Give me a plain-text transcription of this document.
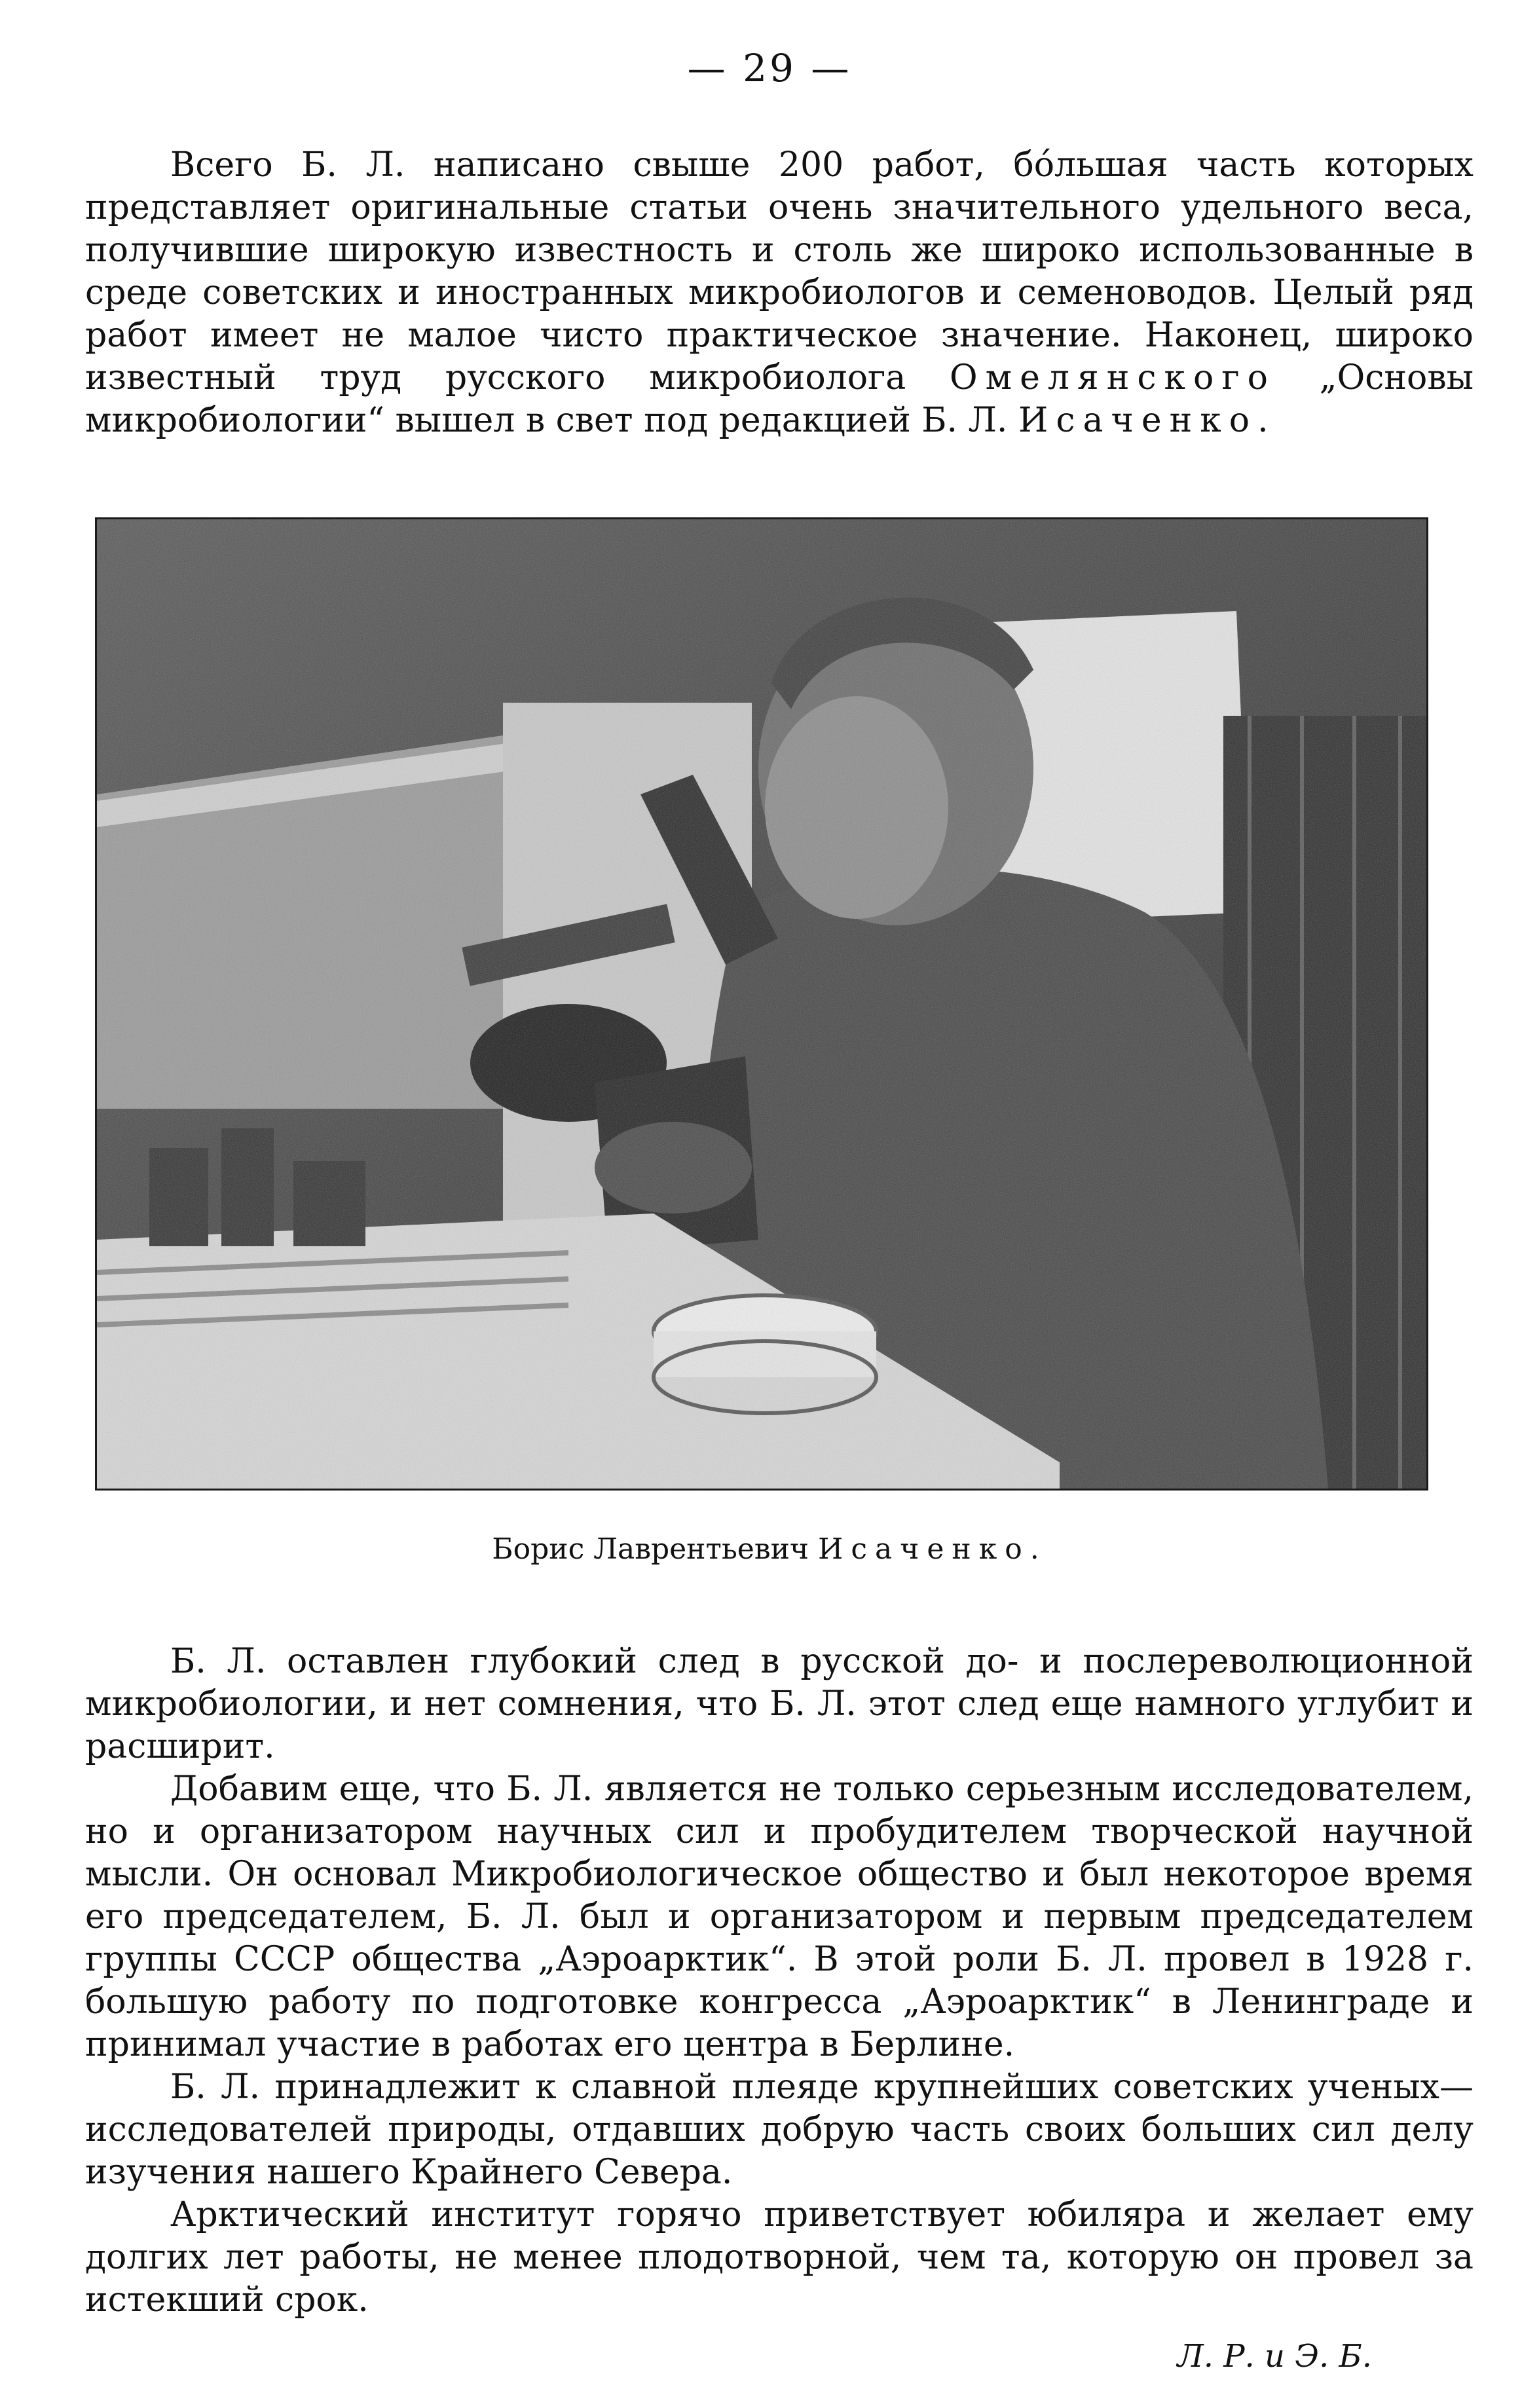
— 29 —

Всего Б. Л. написано свыше 200 работ, бóльшая часть которых представляет оригинальные статьи очень значительного удельного веса, получившие широкую известность и столь же широко использованные в среде советских и иностранных микробиологов и семеноводов. Целый ряд работ имеет не малое чисто практическое значение. Наконец, широко известный труд русского микробиолога Омелянского „Основы микробиологии“ вышел в свет под редакцией Б. Л. Исаченко.

Борис Лаврентьевич Исаченко.

Б. Л. оставлен глубокий след в русской до- и послереволюционной микробиологии, и нет сомнения, что Б. Л. этот след еще намного углубит и расширит.

Добавим еще, что Б. Л. является не только серьезным исследователем, но и организатором научных сил и пробудителем творческой научной мысли. Он основал Микробиологическое общество и был некоторое время его председателем, Б. Л. был и организатором и первым председателем группы СССР общества „Аэроарктик“. В этой роли Б. Л. провел в 1928 г. большую работу по подготовке конгресса „Аэроарктик“ в Ленинграде и принимал участие в работах его центра в Берлине.

Б. Л. принадлежит к славной плеяде крупнейших советских ученых—исследователей природы, отдавших добрую часть своих больших сил делу изучения нашего Крайнего Севера.

Арктический институт горячо приветствует юбиляра и желает ему долгих лет работы, не менее плодотворной, чем та, которую он провел за истекший срок.

Л. Р. и Э. Б.
